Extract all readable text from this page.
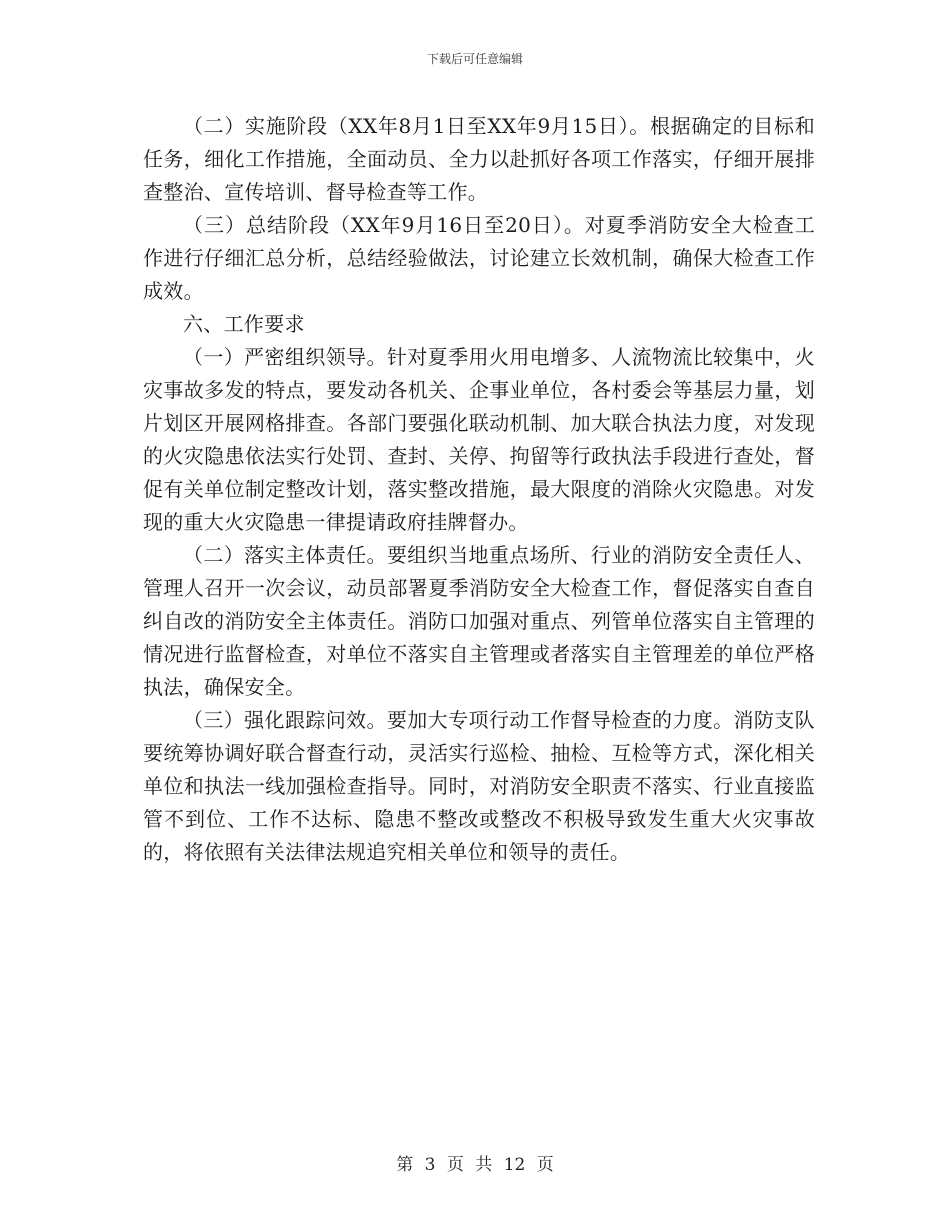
下载后可任意编辑

（二）实施阶段（XX年8月1日至XX年9月15日）。根据确定的目标和任务，细化工作措施，全面动员、全力以赴抓好各项工作落实，仔细开展排查整治、宣传培训、督导检查等工作。

（三）总结阶段（XX年9月16日至20日）。对夏季消防安全大检查工作进行仔细汇总分析，总结经验做法，讨论建立长效机制，确保大检查工作成效。

六、工作要求

（一）严密组织领导。针对夏季用火用电增多、人流物流比较集中，火灾事故多发的特点，要发动各机关、企事业单位，各村委会等基层力量，划片划区开展网格排查。各部门要强化联动机制、加大联合执法力度，对发现的火灾隐患依法实行处罚、查封、关停、拘留等行政执法手段进行查处，督促有关单位制定整改计划，落实整改措施，最大限度的消除火灾隐患。对发现的重大火灾隐患一律提请政府挂牌督办。

（二）落实主体责任。要组织当地重点场所、行业的消防安全责任人、管理人召开一次会议，动员部署夏季消防安全大检查工作，督促落实自查自纠自改的消防安全主体责任。消防口加强对重点、列管单位落实自主管理的情况进行监督检查，对单位不落实自主管理或者落实自主管理差的单位严格执法，确保安全。

（三）强化跟踪问效。要加大专项行动工作督导检查的力度。消防支队要统筹协调好联合督查行动，灵活实行巡检、抽检、互检等方式，深化相关单位和执法一线加强检查指导。同时，对消防安全职责不落实、行业直接监管不到位、工作不达标、隐患不整改或整改不积极导致发生重大火灾事故的，将依照有关法律法规追究相关单位和领导的责任。

第 3 页 共 12 页
